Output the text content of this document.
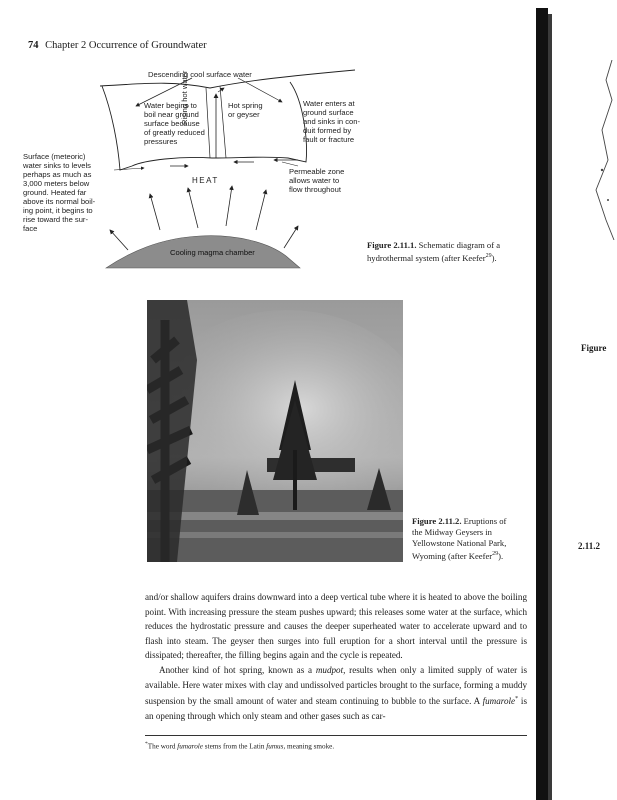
74 Chapter 2 Occurrence of Groundwater
Descending cool surface water
Surface (meteoric)
water sinks to levels
perhaps as much as
3,000 meters below
ground. Heated far
above its normal boil-
ing point, it begins to
rise toward the sur-
face
Water begins to
boil near ground
surface because
of greatly reduced
pressures
Rising hot water	Hot spring
or geyser
Water enters at
ground surface
and sinks in con-
duit formed by
fault or fracture
Permeable zone
allows water to
flow throughout
HEAT
Cooling magma chamber
Figure 2.11.1. Schematic diagram of a hydrothermal system (after Keefer$^{29}$).
Figure 2.11.2. Eruptions of
the Midway Geysers in
Yellowstone National Park,
Wyoming (after Keefer$^{29}$).

and/or shallow aquifers drains downward into a deep vertical tube where it is heated to above the boiling point. With increasing pressure the steam pushes upward; this releases some water at the surface, which reduces the hydrostatic pressure and causes the deeper superheated water to accelerate upward and to flash into steam. The geyser then surges into full eruption for a short interval until the pressure is dissipated; thereafter, the filling begins again and the cycle is repeated.

Another kind of hot spring, known as a mudpot, results when only a limited supply of water is available. Here water mixes with clay and undissolved particles brought to the surface, forming a muddy suspension by the small amount of water and steam continuing to bubble to the surface. A fumarole* is an opening through which only steam and other gases such as car-

*The word fumarole stems from the Latin fumus, meaning smoke.
Figure
2.11.2
